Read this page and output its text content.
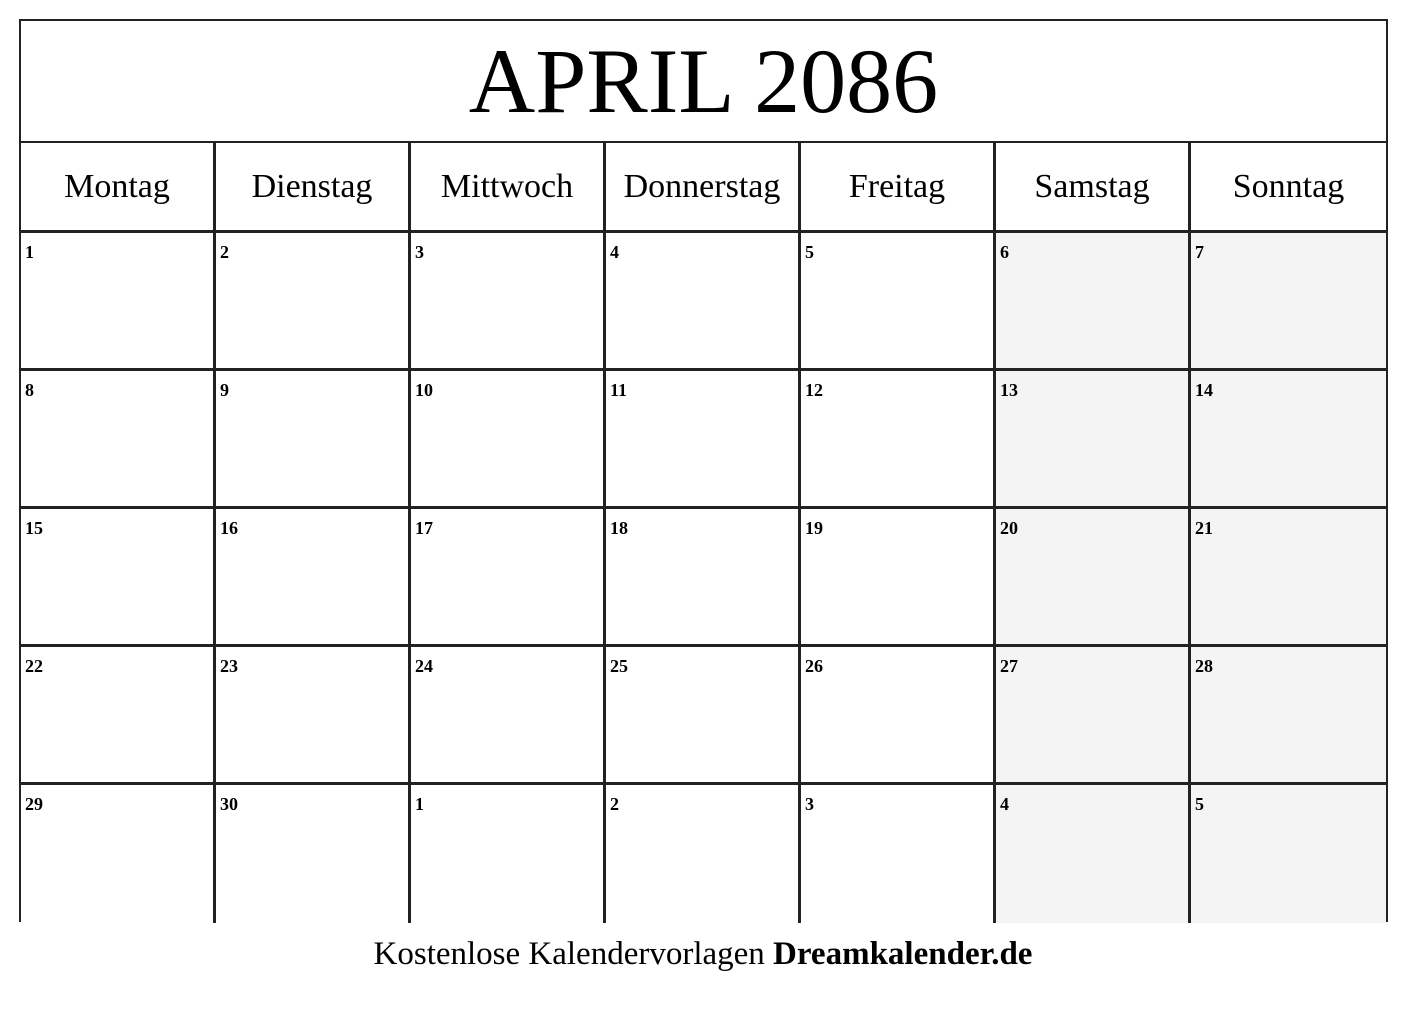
APRIL 2086
Montag	Dienstag	Mittwoch	Donnerstag	Freitag	Samstag	Sonntag
1	2	3	4	5	6	7
8	9	10	11	12	13	14
15	16	17	18	19	20	21
22	23	24	25	26	27	28
29	30	1	2	3	4	5
Kostenlose Kalendervorlagen Dreamkalender.de
